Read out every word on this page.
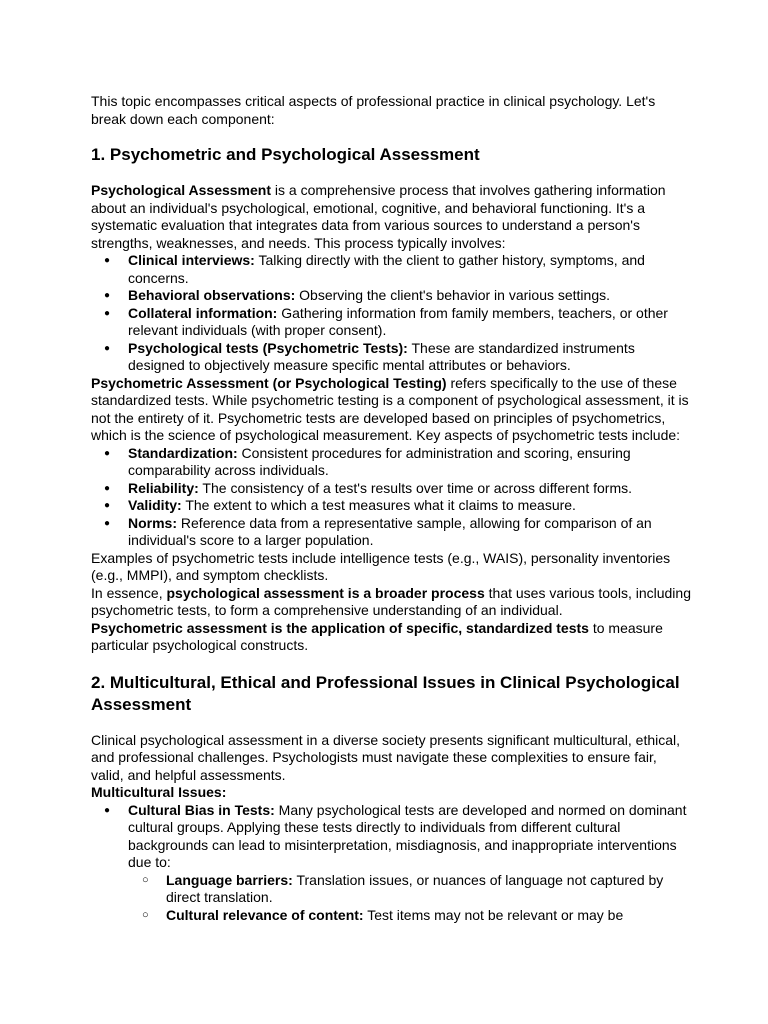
This topic encompasses critical aspects of professional practice in clinical psychology. Let's break down each component:

1. Psychometric and Psychological Assessment

Psychological Assessment is a comprehensive process that involves gathering information about an individual's psychological, emotional, cognitive, and behavioral functioning. It's a systematic evaluation that integrates data from various sources to understand a person's strengths, weaknesses, and needs. This process typically involves:

● Clinical interviews: Talking directly with the client to gather history, symptoms, and concerns.
● Behavioral observations: Observing the client's behavior in various settings.
● Collateral information: Gathering information from family members, teachers, or other relevant individuals (with proper consent).
● Psychological tests (Psychometric Tests): These are standardized instruments designed to objectively measure specific mental attributes or behaviors.

Psychometric Assessment (or Psychological Testing) refers specifically to the use of these standardized tests. While psychometric testing is a component of psychological assessment, it is not the entirety of it. Psychometric tests are developed based on principles of psychometrics, which is the science of psychological measurement. Key aspects of psychometric tests include:

● Standardization: Consistent procedures for administration and scoring, ensuring comparability across individuals.
● Reliability: The consistency of a test's results over time or across different forms.
● Validity: The extent to which a test measures what it claims to measure.
● Norms: Reference data from a representative sample, allowing for comparison of an individual's score to a larger population.

Examples of psychometric tests include intelligence tests (e.g., WAIS), personality inventories (e.g., MMPI), and symptom checklists.

In essence, psychological assessment is a broader process that uses various tools, including psychometric tests, to form a comprehensive understanding of an individual.

Psychometric assessment is the application of specific, standardized tests to measure particular psychological constructs.

2. Multicultural, Ethical and Professional Issues in Clinical Psychological Assessment

Clinical psychological assessment in a diverse society presents significant multicultural, ethical, and professional challenges. Psychologists must navigate these complexities to ensure fair, valid, and helpful assessments.

Multicultural Issues:

● Cultural Bias in Tests: Many psychological tests are developed and normed on dominant cultural groups. Applying these tests directly to individuals from different cultural backgrounds can lead to misinterpretation, misdiagnosis, and inappropriate interventions due to:
○ Language barriers: Translation issues, or nuances of language not captured by direct translation.
○ Cultural relevance of content: Test items may not be relevant or may be
